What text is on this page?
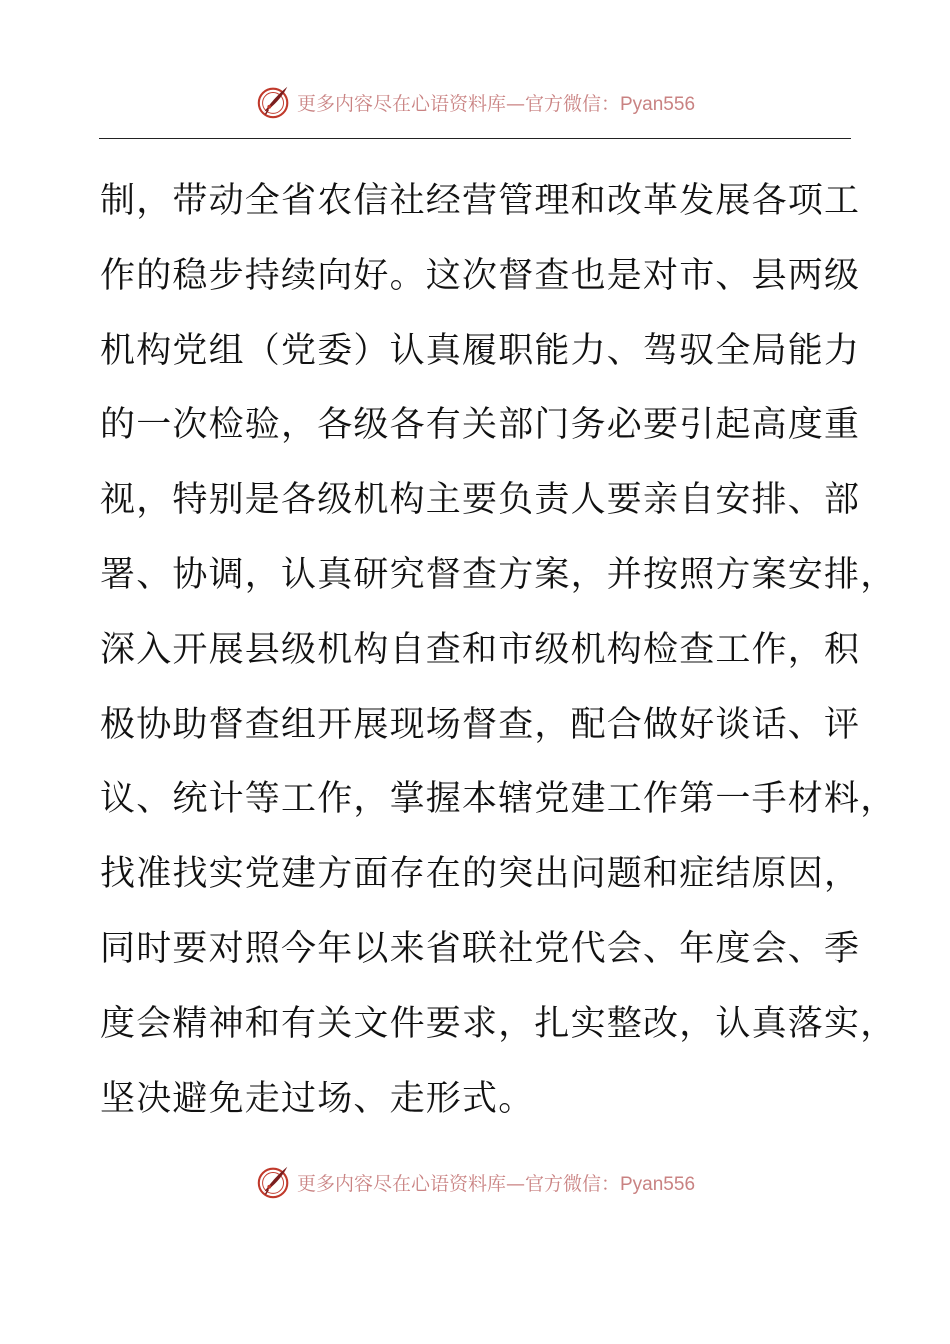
更多内容尽在心语资料库—官方微信：Pyan556
制，带动全省农信社经营管理和改革发展各项工
作的稳步持续向好。这次督查也是对市、县两级
机构党组（党委）认真履职能力、驾驭全局能力
的一次检验，各级各有关部门务必要引起高度重
视，特别是各级机构主要负责人要亲自安排、部
署、协调，认真研究督查方案，并按照方案安排，
深入开展县级机构自查和市级机构检查工作，积
极协助督查组开展现场督查，配合做好谈话、评
议、统计等工作，掌握本辖党建工作第一手材料，
找准找实党建方面存在的突出问题和症结原因，
同时要对照今年以来省联社党代会、年度会、季
度会精神和有关文件要求，扎实整改，认真落实，
坚决避免走过场、走形式。
更多内容尽在心语资料库—官方微信：Pyan556
